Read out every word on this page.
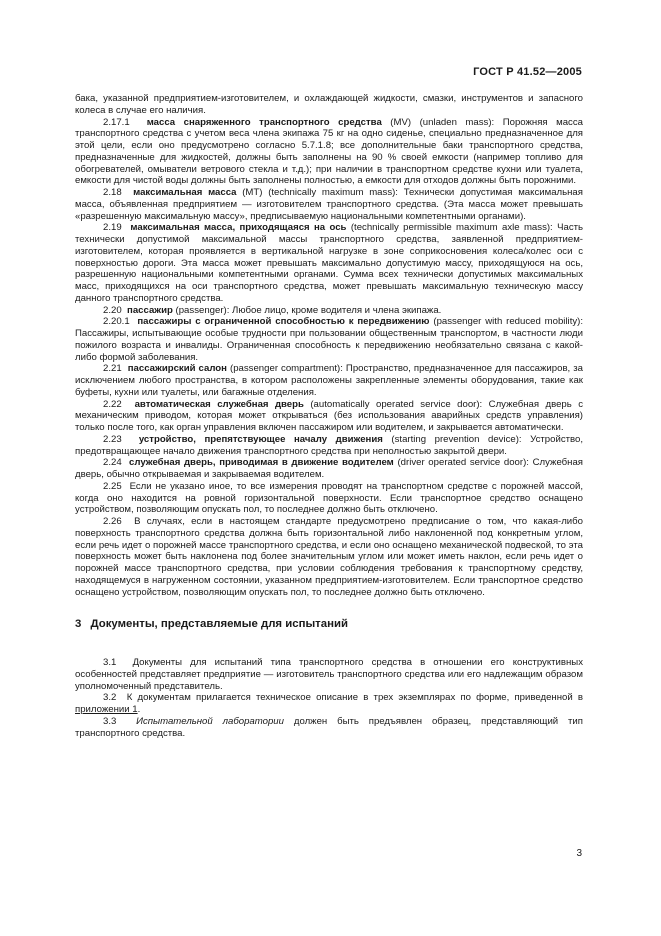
ГОСТ Р 41.52—2005

бака, указанной предприятием-изготовителем, и охлаждающей жидкости, смазки, инструментов и запасного колеса в случае его наличия.

2.17.1 масса снаряженного транспортного средства (MV) (unladen mass): Порожняя масса транспортного средства с учетом веса члена экипажа 75 кг на одно сиденье, специально предназначенное для этой цели, если оно предусмотрено согласно 5.7.1.8; все дополнительные баки транспортного средства, предназначенные для жидкостей, должны быть заполнены на 90 % своей емкости (например топливо для обогревателей, омыватели ветрового стекла и т.д.); при наличии в транспортном средстве кухни или туалета, емкости для чистой воды должны быть заполнены полностью, а емкости для отходов должны быть порожними.

2.18 максимальная масса (MT) (technically maximum mass): Технически допустимая максимальная масса, объявленная предприятием — изготовителем транспортного средства. (Эта масса может превышать «разрешенную максимальную массу», предписываемую национальными компетентными органами).

2.19 максимальная масса, приходящаяся на ось (technically permissible maximum axle mass): Часть технически допустимой максимальной массы транспортного средства, заявленной предприятием-изготовителем, которая проявляется в вертикальной нагрузке в зоне соприкосновения колеса/колес оси с поверхностью дороги. Эта масса может превышать максимально допустимую массу, приходящуюся на ось, разрешенную национальными компетентными органами. Сумма всех технически допустимых максимальных масс, приходящихся на оси транспортного средства, может превышать максимальную техническую массу данного транспортного средства.

2.20 пассажир (passenger): Любое лицо, кроме водителя и члена экипажа.

2.20.1 пассажиры с ограниченной способностью к передвижению (passenger with reduced mobility): Пассажиры, испытывающие особые трудности при пользовании общественным транспортом, в частности люди пожилого возраста и инвалиды. Ограниченная способность к передвижению необязательно связана с какой-либо формой заболевания.

2.21 пассажирский салон (passenger compartment): Пространство, предназначенное для пассажиров, за исключением любого пространства, в котором расположены закрепленные элементы оборудования, такие как буфеты, кухни или туалеты, или багажные отделения.

2.22 автоматическая служебная дверь (automatically operated service door): Служебная дверь с механическим приводом, которая может открываться (без использования аварийных средств управления) только после того, как орган управления включен пассажиром или водителем, и закрывается автоматически.

2.23 устройство, препятствующее началу движения (starting prevention device): Устройство, предотвращающее начало движения транспортного средства при неполностью закрытой двери.

2.24 служебная дверь, приводимая в движение водителем (driver operated service door): Служебная дверь, обычно открываемая и закрываемая водителем.

2.25 Если не указано иное, то все измерения проводят на транспортном средстве с порожней массой, когда оно находится на ровной горизонтальной поверхности. Если транспортное средство оснащено устройством, позволяющим опускать пол, то последнее должно быть отключено.

2.26 В случаях, если в настоящем стандарте предусмотрено предписание о том, что какая-либо поверхность транспортного средства должна быть горизонтальной либо наклоненной под конкретным углом, если речь идет о порожней массе транспортного средства, и если оно оснащено механической подвеской, то эта поверхность может быть наклонена под более значительным углом или может иметь наклон, если речь идет о порожней массе транспортного средства, при условии соблюдения требования к транспортному средству, находящемуся в нагруженном состоянии, указанном предприятием-изготовителем. Если транспортное средство оснащено устройством, позволяющим опускать пол, то последнее должно быть отключено.

3 Документы, представляемые для испытаний

3.1 Документы для испытаний типа транспортного средства в отношении его конструктивных особенностей представляет предприятие — изготовитель транспортного средства или его надлежащим образом уполномоченный представитель.

3.2 К документам прилагается техническое описание в трех экземплярах по форме, приведенной в приложении 1.

3.3 Испытательной лаборатории должен быть предъявлен образец, представляющий тип транспортного средства.

3
